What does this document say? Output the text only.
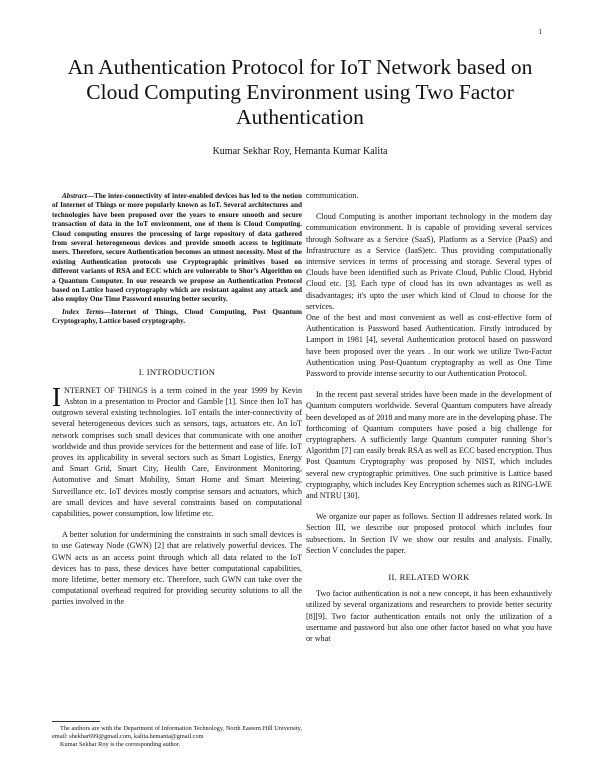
1
An Authentication Protocol for IoT Network based on Cloud Computing Environment using Two Factor Authentication
Kumar Sekhar Roy, Hemanta Kumar Kalita

Abstract—The inter-connectivity of inter-enabled devices has led to the notion of Internet of Things or more popularly known as IoT. Several architectures and technologies have been proposed over the years to ensure smooth and secure transaction of data in the IoT environment, one of them is Cloud Computing. Cloud computing ensures the processing of large repository of data gathered from several heterogeneous devices and provide smooth access to legitimate users. Therefore, secure Authentication becomes an utmost necessity. Most of the existing Authentication protocols use Cryptographic primitives based on different variants of RSA and ECC which are vulnerable to Shor’s Algorithm on a Quantum Computer. In our research we propose an Authentication Protocol based on Lattice based cryptography which are resistant against any attack and also employ One Time Password ensuring better security.

Index Terms—Internet of Things, Cloud Computing, Post Quantum Cryptography, Lattice based cryptography.

I. INTRODUCTION

INTERNET OF THINGS is a term coined in the year 1999 by Kevin Ashton in a presentation to Proctor and Gamble [1]. Since then IoT has outgrown several existing technologies. IoT entails the inter-connectivity of several heterogeneous devices such as sensors, tags, actuators etc. An IoT network comprises such small devices that communicate with one another worldwide and thus provide services for the betterment and ease of life. IoT proves its applicability in several sectors such as Smart Logistics, Energy and Smart Grid, Smart City, Health Care, Environment Monitoring, Automotive and Smart Mobility, Smart Home and Smart Metering, Surveillance etc. IoT devices mostly comprise sensors and actuators, which are small devices and have several constraints based on computational capabilities, power consumption, low lifetime etc.

A better solution for undermining the constraints in such small devices is to use Gateway Node (GWN) [2] that are relatively powerful devices. The GWN acts as an access point through which all data related to the IoT devices has to pass, these devices have better computational capabilities, more lifetime, better memory etc. Therefore, such GWN can take over the computational overhead required for providing security solutions to all the parties involved in the

The authors are with the Department of Information Technology, North Eastern Hill University, email: shekhar699@gmail.com, kalita.hemanta@gmail.com

Kumar Sekhar Roy is the corresponding author.

communication.

Cloud Computing is another important technology in the modern day communication environment. It is capable of providing several services through Software as a Service (SaaS), Platform as a Service (PaaS) and Infrastructure as a Service (IaaS)etc. Thus providing computationally intensive services in terms of processing and storage. Several types of Clouds have been identified such as Private Cloud, Public Cloud, Hybrid Cloud etc. [3]. Each type of cloud has its own advantages as well as disadvantages; it's upto the user which kind of Cloud to choose for the services.

One of the best and most convenient as well as cost-effective form of Authentication is Password based Authentication. Firstly introduced by Lamport in 1981 [4], several Authentication protocol based on password have been proposed over the years . In our work we utilize Two-Factor Authentication using Post-Quantum cryptography as well as One Time Password to provide intense security to our Authentication Protocol.

In the recent past several strides have been made in the development of Quantum computers worldwide. Several Quantum computers have already been developed as of 2018 and many more are in the developing phase. The forthcoming of Quantum computers have posed a big challenge for cryptographers. A sufficiently large Quantum computer running Shor’s Algorithm [7] can easily break RSA as well as ECC based encryption. Thus Post Quantum Cryptography was proposed by NIST, which includes several new cryptographic primitives. One such primitive is Lattice based cryptography, which includes Key Encryption schemes such as RING-LWE and NTRU [30].

We organize our paper as follows. Section II addresses related work. In Section III, we describe our proposed protocol which includes four subsections. In Section IV we show our results and analysis. Finally, Section V concludes the paper.

II. RELATED WORK

Two factor authentication is not a new concept, it has been exhaustively utilized by several organizations and researchers to provide better security [8][9]. Two factor authentication entails not only the utilization of a username and password but also one other factor based on what you have or what
